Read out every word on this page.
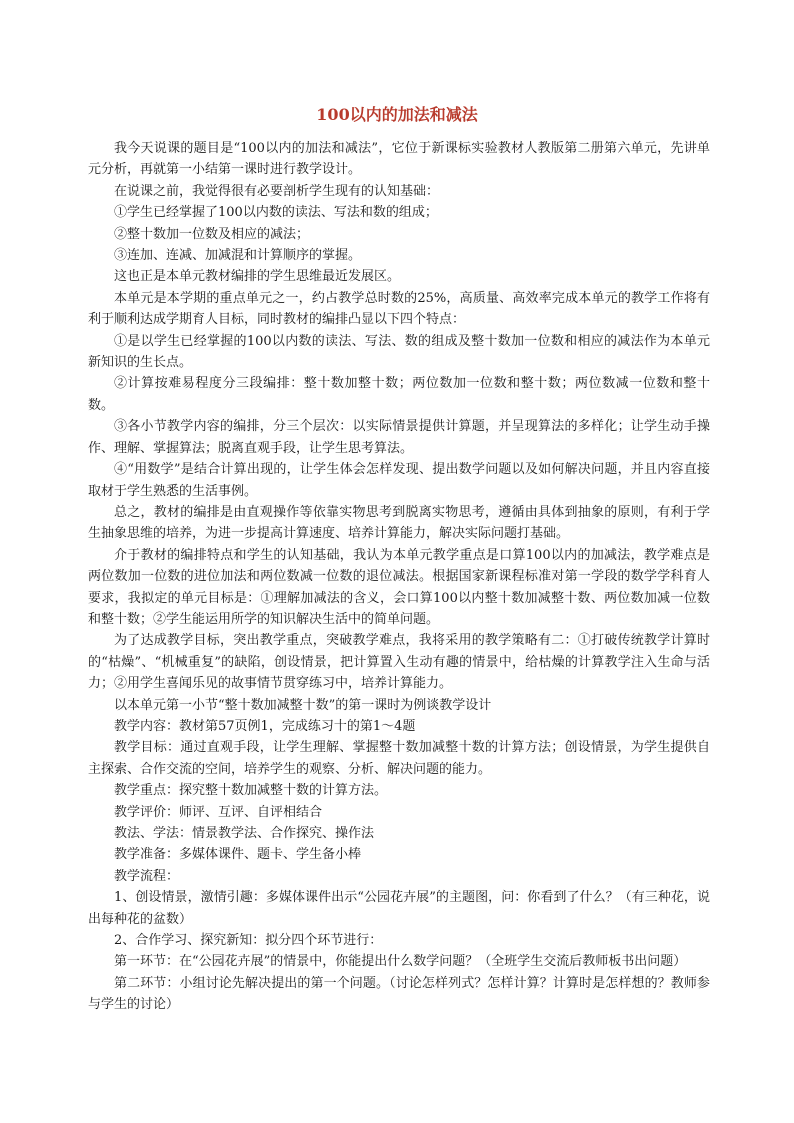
100以内的加法和减法

我今天说课的题目是“100以内的加法和减法”，它位于新课标实验教材人教版第二册第六单元，先讲单元分析，再就第一小结第一课时进行教学设计。

在说课之前，我觉得很有必要剖析学生现有的认知基础：

①学生已经掌握了100以内数的读法、写法和数的组成；

②整十数加一位数及相应的减法；

③连加、连减、加减混和计算顺序的掌握。

这也正是本单元教材编排的学生思维最近发展区。

本单元是本学期的重点单元之一，约占教学总时数的25%，高质量、高效率完成本单元的教学工作将有利于顺利达成学期育人目标，同时教材的编排凸显以下四个特点：

①是以学生已经掌握的100以内数的读法、写法、数的组成及整十数加一位数和相应的减法作为本单元新知识的生长点。

②计算按难易程度分三段编排：整十数加整十数；两位数加一位数和整十数；两位数减一位数和整十数。

③各小节教学内容的编排，分三个层次：以实际情景提供计算题，并呈现算法的多样化；让学生动手操作、理解、掌握算法；脱离直观手段，让学生思考算法。

④“用数学”是结合计算出现的，让学生体会怎样发现、提出数学问题以及如何解决问题，并且内容直接取材于学生熟悉的生活事例。

总之，教材的编排是由直观操作等依靠实物思考到脱离实物思考，遵循由具体到抽象的原则，有利于学生抽象思维的培养，为进一步提高计算速度、培养计算能力，解决实际问题打基础。

介于教材的编排特点和学生的认知基础，我认为本单元教学重点是口算100以内的加减法，教学难点是两位数加一位数的进位加法和两位数减一位数的退位减法。根据国家新课程标准对第一学段的数学学科育人要求，我拟定的单元目标是：①理解加减法的含义，会口算100以内整十数加减整十数、两位数加减一位数和整十数；②学生能运用所学的知识解决生活中的简单问题。

为了达成教学目标，突出教学重点，突破教学难点，我将采用的教学策略有二：①打破传统教学计算时的“枯燥”、“机械重复”的缺陷，创设情景，把计算置入生动有趣的情景中，给枯燥的计算教学注入生命与活力；②用学生喜闻乐见的故事情节贯穿练习中，培养计算能力。

以本单元第一小节“整十数加减整十数”的第一课时为例谈教学设计

教学内容：教材第57页例1，完成练习十的第1～4题

教学目标：通过直观手段，让学生理解、掌握整十数加减整十数的计算方法；创设情景，为学生提供自主探索、合作交流的空间，培养学生的观察、分析、解决问题的能力。

教学重点：探究整十数加减整十数的计算方法。

教学评价：师评、互评、自评相结合

教法、学法：情景教学法、合作探究、操作法

教学准备：多媒体课件、题卡、学生备小棒

教学流程：

1、创设情景，激情引趣：多媒体课件出示“公园花卉展”的主题图，问：你看到了什么？（有三种花，说出每种花的盆数）

2、合作学习、探究新知：拟分四个环节进行：

第一环节：在“公园花卉展”的情景中，你能提出什么数学问题？（全班学生交流后教师板书出问题）

第二环节：小组讨论先解决提出的第一个问题。（讨论怎样列式？怎样计算？计算时是怎样想的？教师参与学生的讨论）
